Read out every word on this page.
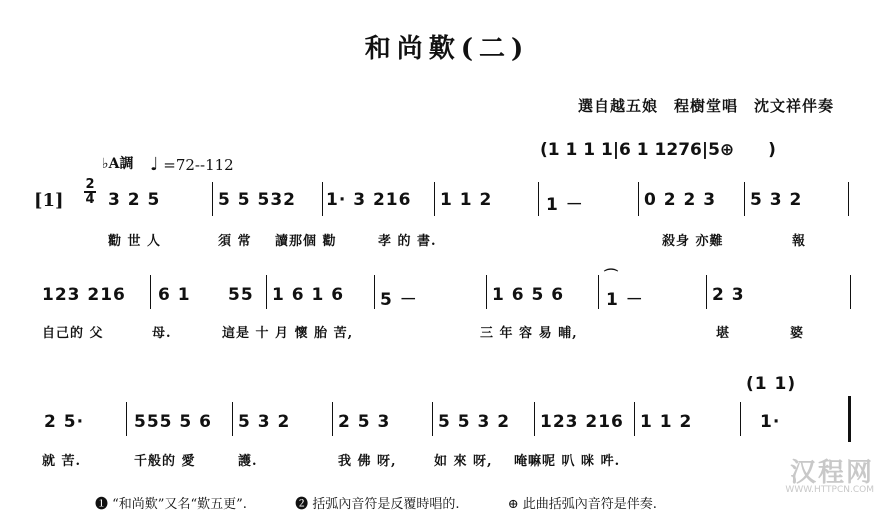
和尚歎(二)
選自越五娘　程樹堂唱　沈文祥伴奏
♭A調 ♩ =72--112
(1 1 1 1|6 1 1276|5⊕　　)
[1]
2
4 3 2 5	5 5 532 1· 3 216 1 1 2	1 －	0 2 2 3 5 3 2
勸 世 人	須 常 讀那個 勸	孝 的 書.	殺身 亦難	報
123 216 6 1 55 1 6 1 6 5 －	1 6 5 6 1 －	2 3
⌒
自己的 父	母.	這是 十 月 懷 胎 苦,	三 年 容 易 晡,	堪	婆
(1 1)
2 5·	555 5 6 5 3 2	2 5 3	5 5 3 2 123 216 1 1 2	1·
就 苦.	千般的 愛	護.	我 佛 呀,	如 來 呀, 唵嘛呢 叭 咪 吽.
❶ “和尚歎”又名“歎五更”.	❷ 括弧內音符是反覆時唱的.	⊕ 此曲括弧內音符是伴奏.
汉程网
WWW.HTTPCN.COM
